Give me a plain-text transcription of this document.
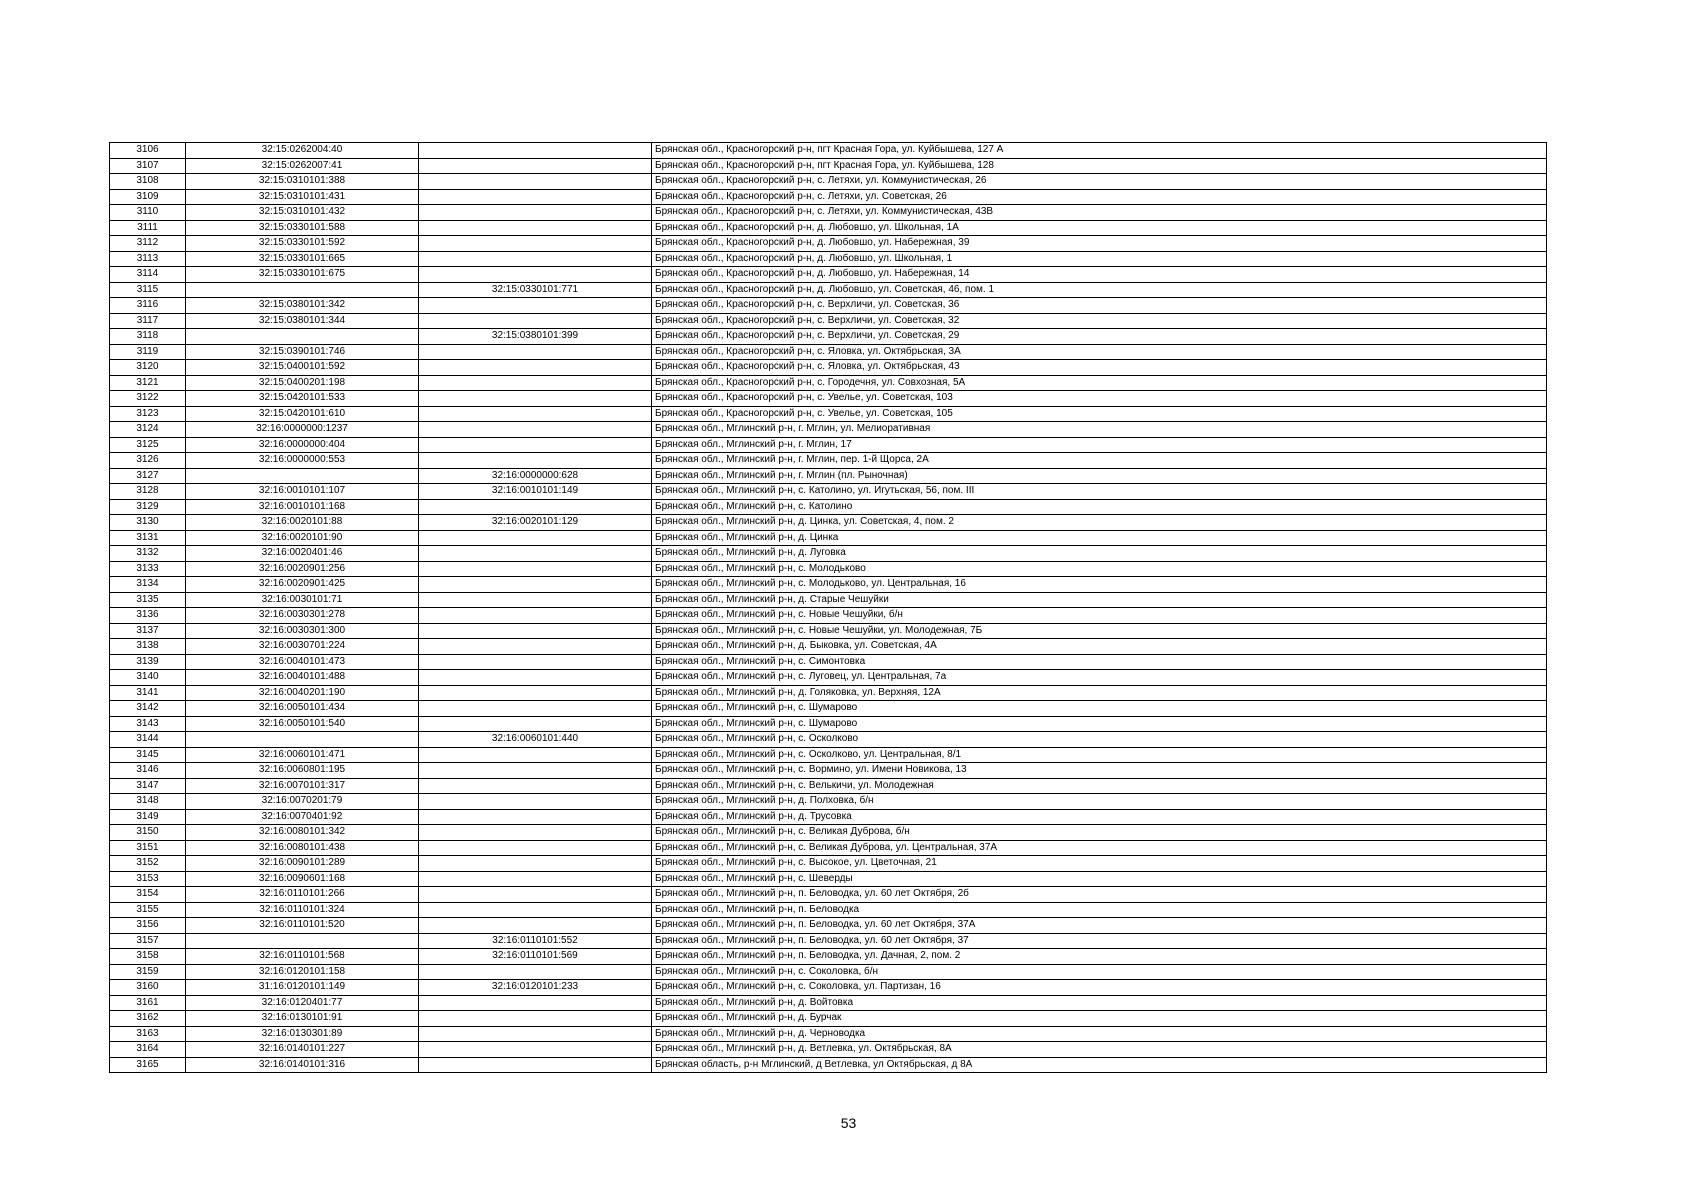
3106	32:15:0262004:40		Брянская обл., Красногорский р-н, пгт Красная Гора, ул. Куйбышева, 127 А
3107	32:15:0262007:41		Брянская обл., Красногорский р-н, пгт Красная Гора, ул. Куйбышева, 128
3108	32:15:0310101:388		Брянская обл., Красногорский р-н, с. Летяхи, ул. Коммунистическая, 26
3109	32:15:0310101:431		Брянская обл., Красногорский р-н, с. Летяхи, ул. Советская, 26
3110	32:15:0310101:432		Брянская обл., Красногорский р-н, с. Летяхи, ул. Коммунистическая, 43В
3111	32:15:0330101:588		Брянская обл., Красногорский р-н, д. Любовшо, ул. Школьная, 1А
3112	32:15:0330101:592		Брянская обл., Красногорский р-н, д. Любовшо, ул. Набережная, 39
3113	32:15:0330101:665		Брянская обл., Красногорский р-н, д. Любовшо, ул. Школьная, 1
3114	32:15:0330101:675		Брянская обл., Красногорский р-н, д. Любовшо, ул. Набережная, 14
3115		32:15:0330101:771	Брянская обл., Красногорский р-н, д. Любовшо, ул. Советская, 46, пом. 1
3116	32:15:0380101:342		Брянская обл., Красногорский р-н, с. Верхличи, ул. Советская, 36
3117	32:15:0380101:344		Брянская обл., Красногорский р-н, с. Верхличи, ул. Советская, 32
3118		32:15:0380101:399	Брянская обл., Красногорский р-н, с. Верхличи, ул. Советская, 29
3119	32:15:0390101:746		Брянская обл., Красногорский р-н, с. Яловка, ул. Октябрьская, 3А
3120	32:15:0400101:592		Брянская обл., Красногорский р-н, с. Яловка, ул. Октябрьская, 43
3121	32:15:0400201:198		Брянская обл., Красногорский р-н, с. Городечня, ул. Совхозная, 5А
3122	32:15:0420101:533		Брянская обл., Красногорский р-н, с. Увелье, ул. Советская, 103
3123	32:15:0420101:610		Брянская обл., Красногорский р-н, с. Увелье, ул. Советская, 105
3124	32:16:0000000:1237		Брянская обл., Мглинский р-н, г. Мглин, ул. Мелиоративная
3125	32:16:0000000:404		Брянская обл., Мглинский р-н, г. Мглин, 17
3126	32:16:0000000:553		Брянская обл., Мглинский р-н, г. Мглин, пер. 1-й Щорса, 2А
3127		32:16:0000000:628	Брянская обл., Мглинский р-н, г. Мглин (пл. Рыночная)
3128	32:16:0010101:107	32:16:0010101:149	Брянская обл., Мглинский р-н, с. Католино, ул. Игутьская, 56, пом. III
3129	32:16:0010101:168		Брянская обл., Мглинский р-н, с. Католино
3130	32:16:0020101:88	32:16:0020101:129	Брянская обл., Мглинский р-н, д. Цинка, ул. Советская, 4, пом. 2
3131	32:16:0020101:90		Брянская обл., Мглинский р-н, д. Цинка
3132	32:16:0020401:46		Брянская обл., Мглинский р-н, д. Луговка
3133	32:16:0020901:256		Брянская обл., Мглинский р-н, с. Молодьково
3134	32:16:0020901:425		Брянская обл., Мглинский р-н, с. Молодьково, ул. Центральная, 16
3135	32:16:0030101:71		Брянская обл., Мглинский р-н, д. Старые Чешуйки
3136	32:16:0030301:278		Брянская обл., Мглинский р-н, с. Новые Чешуйки, б/н
3137	32:16:0030301:300		Брянская обл., Мглинский р-н, с. Новые Чешуйки, ул. Молодежная, 7Б
3138	32:16:0030701:224		Брянская обл., Мглинский р-н, д. Быковка, ул. Советская, 4А
3139	32:16:0040101:473		Брянская обл., Мглинский р-н, с. Симонтовка
3140	32:16:0040101:488		Брянская обл., Мглинский р-н, с. Луговец, ул. Центральная, 7а
3141	32:16:0040201:190		Брянская обл., Мглинский р-н, д. Голяковка, ул. Верхняя, 12А
3142	32:16:0050101:434		Брянская обл., Мглинский р-н, с. Шумарово
3143	32:16:0050101:540		Брянская обл., Мглинский р-н, с. Шумарово
3144		32:16:0060101:440	Брянская обл., Мглинский р-н, с. Осколково
3145	32:16:0060101:471		Брянская обл., Мглинский р-н, с. Осколково, ул. Центральная, 8/1
3146	32:16:0060801:195		Брянская обл., Мглинский р-н, с. Вормино, ул. Имени Новикова, 13
3147	32:16:0070101:317		Брянская обл., Мглинский р-н, с. Велькичи, ул. Молодежная
3148	32:16:0070201:79		Брянская обл., Мглинский р-н, д. Полховка, б/н
3149	32:16:0070401:92		Брянская обл., Мглинский р-н, д. Трусовка
3150	32:16:0080101:342		Брянская обл., Мглинский р-н, с. Великая Дуброва, б/н
3151	32:16:0080101:438		Брянская обл., Мглинский р-н, с. Великая Дуброва, ул. Центральная, 37А
3152	32:16:0090101:289		Брянская обл., Мглинский р-н, с. Высокое, ул. Цветочная, 21
3153	32:16:0090601:168		Брянская обл., Мглинский р-н, с. Шеверды
3154	32:16:0110101:266		Брянская обл., Мглинский р-н, п. Беловодка, ул. 60 лет Октября, 2б
3155	32:16:0110101:324		Брянская обл., Мглинский р-н, п. Беловодка
3156	32:16:0110101:520		Брянская обл., Мглинский р-н, п. Беловодка, ул. 60 лет Октября, 37А
3157		32:16:0110101:552	Брянская обл., Мглинский р-н, п. Беловодка, ул. 60 лет Октября, 37
3158	32:16:0110101:568	32:16:0110101:569	Брянская обл., Мглинский р-н, п. Беловодка, ул. Дачная, 2, пом. 2
3159	32:16:0120101:158		Брянская обл., Мглинский р-н, с. Соколовка, б/н
3160	31:16:0120101:149	32:16:0120101:233	Брянская обл., Мглинский р-н, с. Соколовка, ул. Партизан, 16
3161	32:16:0120401:77		Брянская обл., Мглинский р-н, д. Войтовка
3162	32:16:0130101:91		Брянская обл., Мглинский р-н, д. Бурчак
3163	32:16:0130301:89		Брянская обл., Мглинский р-н, д. Черноводка
3164	32:16:0140101:227		Брянская обл., Мглинский р-н, д. Ветлевка, ул. Октябрьская, 8А
3165	32:16:0140101:316		Брянская область, р-н Мглинский, д Ветлевка, ул Октябрьская, д 8А
53
